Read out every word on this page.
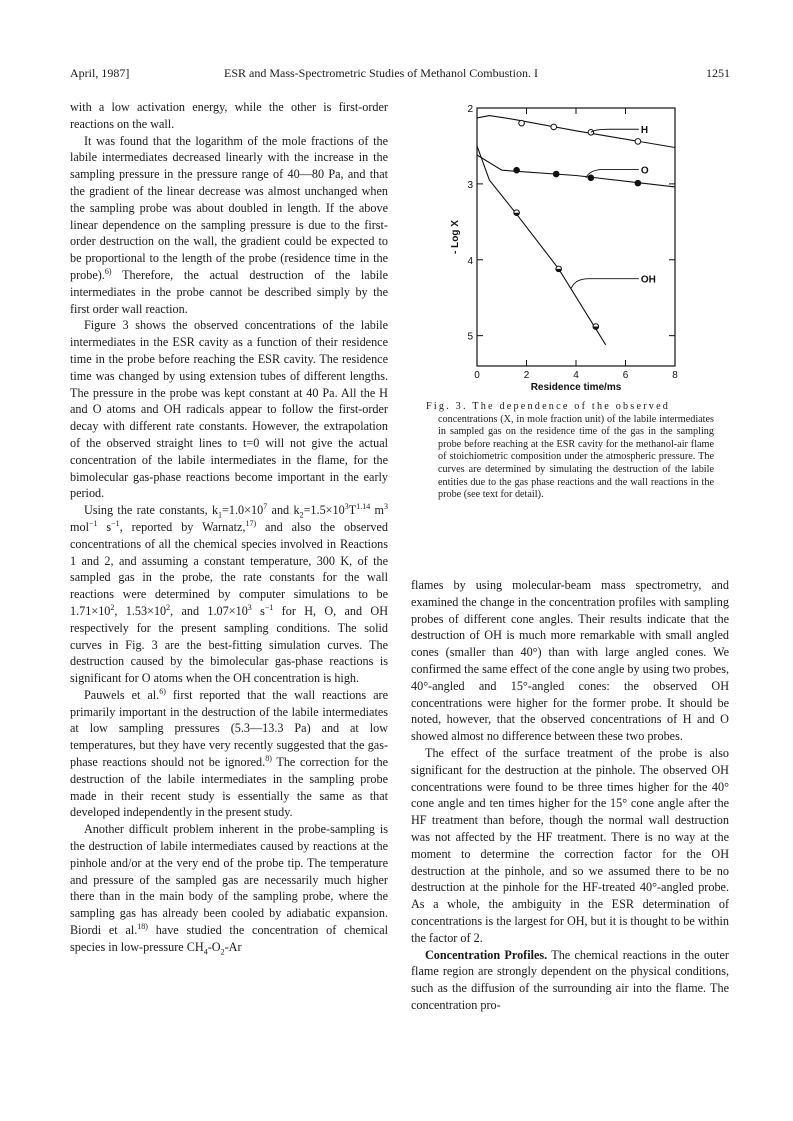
April, 1987]	ESR and Mass-Spectrometric Studies of Methanol Combustion. I	1251

with a low activation energy, while the other is first-order reactions on the wall.

It was found that the logarithm of the mole fractions of the labile intermediates decreased linearly with the increase in the sampling pressure in the pressure range of 40—80 Pa, and that the gradient of the linear decrease was almost unchanged when the sampling probe was about doubled in length. If the above linear dependence on the sampling pressure is due to the first-order destruction on the wall, the gradient could be expected to be proportional to the length of the probe (residence time in the probe).$^{6)}$ Therefore, the actual destruction of the labile intermediates in the probe cannot be described simply by the first order wall reaction.

Figure 3 shows the observed concentrations of the labile intermediates in the ESR cavity as a function of their residence time in the probe before reaching the ESR cavity. The residence time was changed by using extension tubes of different lengths. The pressure in the probe was kept constant at 40 Pa. All the H and O atoms and OH radicals appear to follow the first-order decay with different rate constants. However, the extrapolation of the observed straight lines to t=0 will not give the actual concentration of the labile intermediates in the flame, for the bimolecular gas-phase reactions become important in the early period.

Using the rate constants, $k_1=1.0\times 10^7$ and $k_2=1.5\times 10^3T^{1.14}$ $m^3$ mol$^{-1}$ $s^{-1}$, reported by Warnatz,$^{17)}$ and also the observed concentrations of all the chemical species involved in Reactions 1 and 2, and assuming a constant temperature, 300 K, of the sampled gas in the probe, the rate constants for the wall reactions were determined by computer simulations to be $1.71\times 10^2$, $1.53\times 10^2$, and $1.07\times 10^3$ $s^{-1}$ for H, O, and OH respectively for the present sampling conditions. The solid curves in Fig. 3 are the best-fitting simulation curves. The destruction caused by the bimolecular gas-phase reactions is significant for O atoms when the OH concentration is high.

Pauwels et al.$^{6)}$ first reported that the wall reactions are primarily important in the destruction of the labile intermediates at low sampling pressures (5.3—13.3 Pa) and at low temperatures, but they have very recently suggested that the gas-phase reactions should not be ignored.$^{8)}$ The correction for the destruction of the labile intermediates in the sampling probe made in their recent study is essentially the same as that developed independently in the present study.

Another difficult problem inherent in the probe-sampling is the destruction of labile intermediates caused by reactions at the pinhole and/or at the very end of the probe tip. The temperature and pressure of the sampled gas are necessarily much higher there than in the main body of the sampling probe, where the sampling gas has already been cooled by adiabatic expansion. Biordi et al.$^{18)}$ have studied the concentration of chemical species in low-pressure $CH_4-O_2-Ar$

0	2	4	6	8
2
3
4
5
Residence time/ms
- Log X
H
O
OH
Fig. 3. The dependence of the observed
concentrations (X, in mole fraction unit) of the labile intermediates in sampled gas on the residence time of the gas in the sampling probe before reaching at the ESR cavity for the methanol-air flame of stoichiometric composition under the atmospheric pressure. The curves are determined by simulating the destruction of the labile entities due to the gas phase reactions and the wall reactions in the probe (see text for detail).

flames by using molecular-beam mass spectrometry, and examined the change in the concentration profiles with sampling probes of different cone angles. Their results indicate that the destruction of OH is much more remarkable with small angled cones (smaller than 40°) than with large angled cones. We confirmed the same effect of the cone angle by using two probes, 40°-angled and 15°-angled cones: the observed OH concentrations were higher for the former probe. It should be noted, however, that the observed concentrations of H and O showed almost no difference between these two probes.

The effect of the surface treatment of the probe is also significant for the destruction at the pinhole. The observed OH concentrations were found to be three times higher for the 40° cone angle and ten times higher for the 15° cone angle after the HF treatment than before, though the normal wall destruction was not affected by the HF treatment. There is no way at the moment to determine the correction factor for the OH destruction at the pinhole, and so we assumed there to be no destruction at the pinhole for the HF-treated 40°-angled probe. As a whole, the ambiguity in the ESR determination of concentrations is the largest for OH, but it is thought to be within the factor of 2.

Concentration Profiles. The chemical reactions in the outer flame region are strongly dependent on the physical conditions, such as the diffusion of the surrounding air into the flame. The concentration pro-
